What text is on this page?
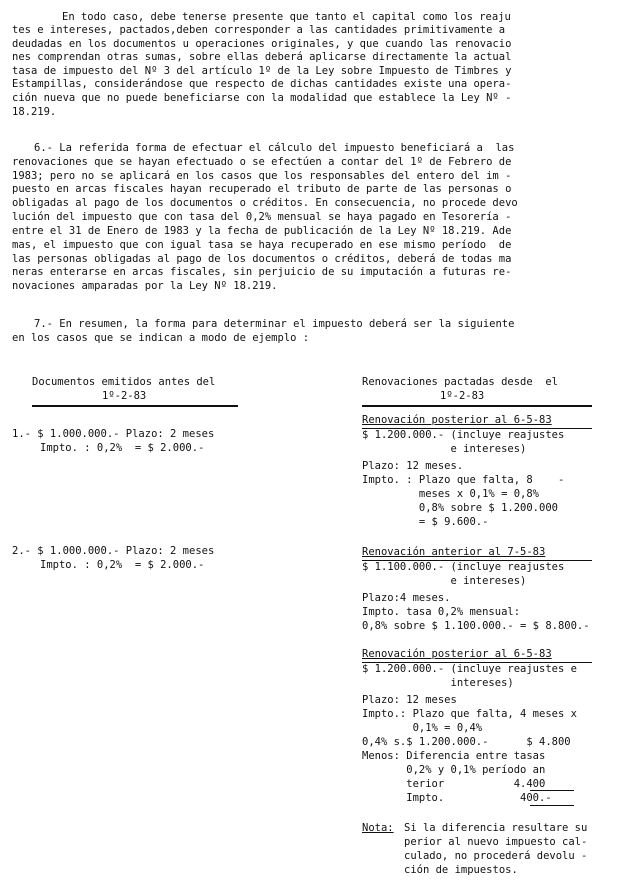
En todo caso, debe tenerse presente que tanto el capital como los reaju
tes e intereses, pactados,deben corresponder a las cantidades primitivamente a
deudadas en los documentos u operaciones originales, y que cuando las renovacio
nes comprendan otras sumas, sobre ellas deberá aplicarse directamente la actual
tasa de impuesto del Nº 3 del artículo 1º de la Ley sobre Impuesto de Timbres y
Estampillas, considerándose que respecto de dichas cantidades existe una opera-
ción nueva que no puede beneficiarse con la modalidad que establece la Ley Nº -
18.219.
6.- La referida forma de efectuar el cálculo del impuesto beneficiará a  las
renovaciones que se hayan efectuado o se efectúen a contar del 1º de Febrero de
1983; pero no se aplicará en los casos que los responsables del entero del im -
puesto en arcas fiscales hayan recuperado el tributo de parte de las personas o
obligadas al pago de los documentos o créditos. En consecuencia, no procede devo
lución del impuesto que con tasa del 0,2% mensual se haya pagado en Tesorería -
entre el 31 de Enero de 1983 y la fecha de publicación de la Ley Nº 18.219. Ade
mas, el impuesto que con igual tasa se haya recuperado en ese mismo período  de
las personas obligadas al pago de los documentos o créditos, deberá de todas ma
neras enterarse en arcas fiscales, sin perjuicio de su imputación a futuras re-
novaciones amparadas por la Ley Nº 18.219.
7.- En resumen, la forma para determinar el impuesto deberá ser la siguiente
en los casos que se indican a modo de ejemplo :
Documentos emitidos antes del
1º-2-83
1.- $ 1.000.000.- Plazo: 2 meses
Impto. : 0,2%  = $ 2.000.-
2.- $ 1.000.000.- Plazo: 2 meses
Impto. : 0,2%  = $ 2.000.-
Renovaciones pactadas desde  el
1º-2-83
Renovación posterior al 6-5-83
$ 1.200.000.- (incluye reajustes
e intereses)
Plazo: 12 meses.
Impto. : Plazo que falta, 8    -
meses x 0,1% = 0,8%
0,8% sobre $ 1.200.000
= $ 9.600.-
Renovación anterior al 7-5-83
$ 1.100.000.- (incluye reajustes
e intereses)
Plazo:4 meses.
Impto. tasa 0,2% mensual:
0,8% sobre $ 1.100.000.- = $ 8.800.-
Renovación posterior al 6-5-83
$ 1.200.000.- (incluye reajustes e
intereses)
Plazo: 12 meses
Impto.: Plazo que falta, 4 meses x
0,1% = 0,4%
0,4% s.$ 1.200.000.-      $ 4.800
Menos: Diferencia entre tasas
0,2% y 0,1% período an
terior           4.400
Impto.            400.-
Nota: Si la diferencia resultare su
perior al nuevo impuesto cal-
culado, no procederá devolu -
ción de impuestos.
